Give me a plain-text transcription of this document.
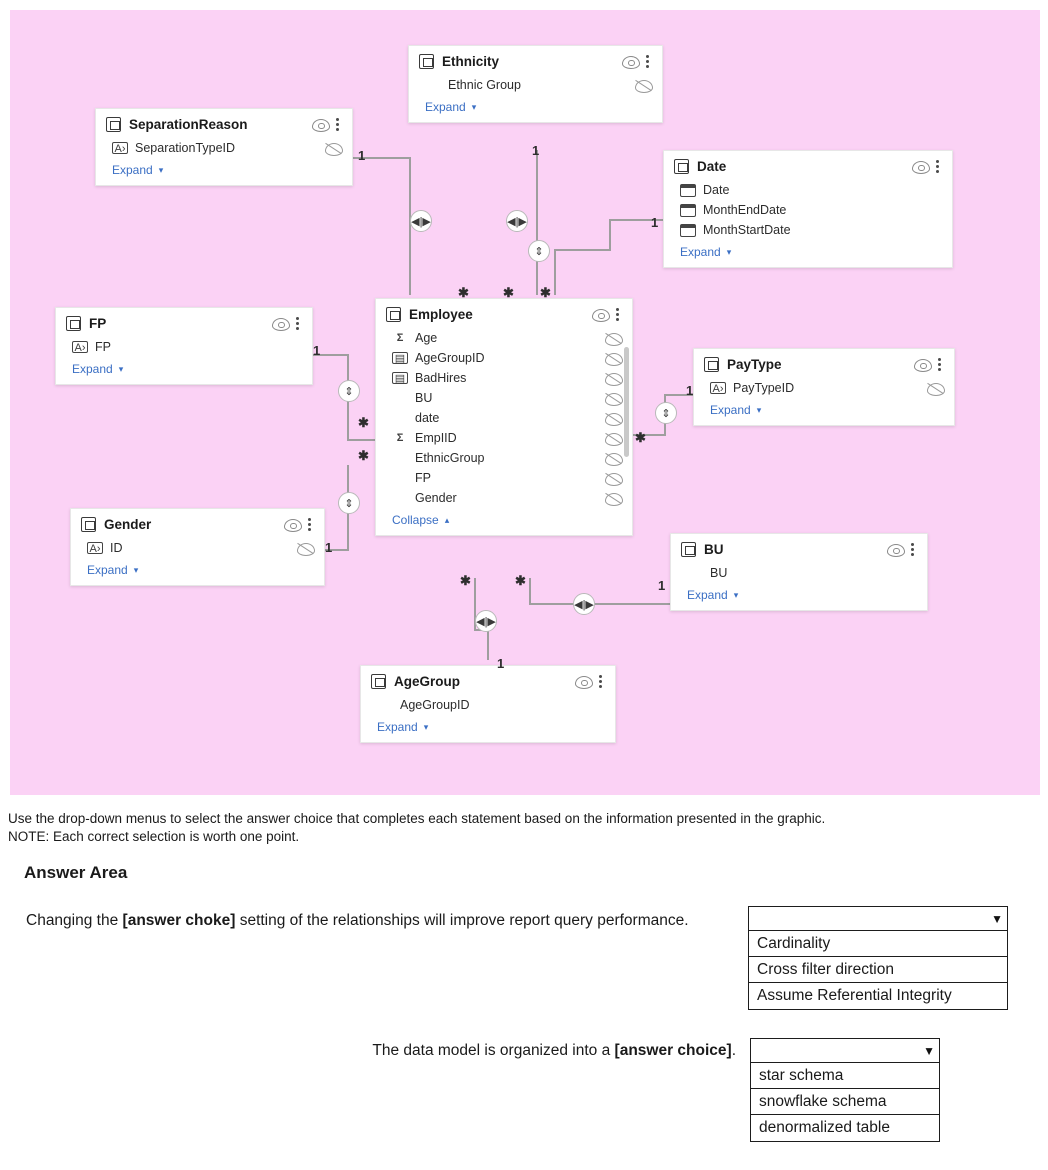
Ethnicity
Ethnic Group
Expand ▾
SeparationReason
A› SeparationTypeID
Expand ▾	Date
Date
MonthEndDate
MonthStartDate
Expand ▾
FP
A› FP
Expand ▾
Employee
Σ Age
▤ AgeGroupID
▤ BadHires
BU
date
Σ EmpIID
EthnicGroup
FP
Gender
Collapse ▴
PayType
A› PayTypeID
Expand ▾
Gender
A› ID
Expand ▾
BU
BU
Expand ▾
AgeGroup
AgeGroupID
Expand ▾
1	1
1
1
1
1
1
1
✱	✱ ✱
✱
✱
✱
✱	✱
◀|▶	◀|▶
⇕
⇕
⇕
⇕
◀|▶
◀|▶
Use the drop-down menus to select the answer choice that completes each statement based on the information presented in the graphic.
NOTE: Each correct selection is worth one point.
Answer Area
Changing the [answer choke] setting of the relationships will improve report query performance.
The data model is organized into a [answer choice].
▼
Cardinality
Cross filter direction
Assume Referential Integrity
▼
star schema
snowflake schema
denormalized table
